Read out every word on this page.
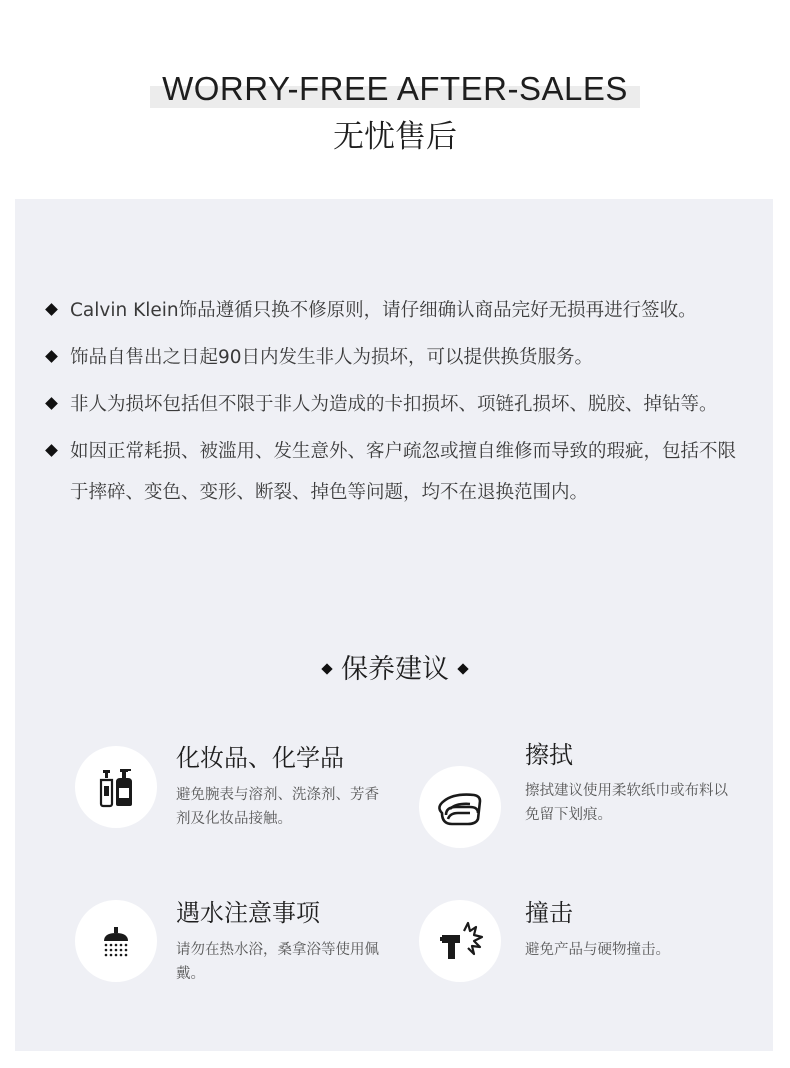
WORRY-FREE AFTER-SALES
无忧售后
Calvin Klein饰品遵循只换不修原则，请仔细确认商品完好无损再进行签收。
饰品自售出之日起90日内发生非人为损坏，可以提供换货服务。
非人为损坏包括但不限于非人为造成的卡扣损坏、项链孔损坏、脱胶、掉钻等。
如因正常耗损、被滥用、发生意外、客户疏忽或擅自维修而导致的瑕疵，包括不限于摔碎、变色、变形、断裂、掉色等问题，均不在退换范围内。
保养建议
化妆品、化学品
避免腕表与溶剂、洗涤剂、芳香剂及化妆品接触。
擦拭
擦拭建议使用柔软纸巾或布料以免留下划痕。
遇水注意事项
请勿在热水浴，桑拿浴等使用佩戴。
撞击
避免产品与硬物撞击。
